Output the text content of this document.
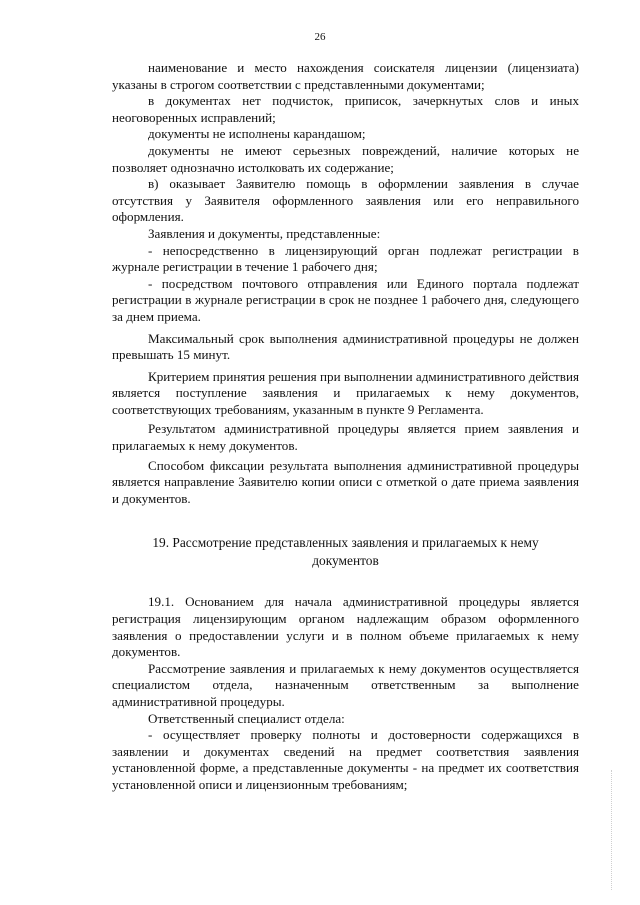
26

наименование и место нахождения соискателя лицензии (лицензиата) указаны в строгом соответствии с представленными документами;

в документах нет подчисток, приписок, зачеркнутых слов и иных неоговоренных исправлений;

документы не исполнены карандашом;

документы не имеют серьезных повреждений, наличие которых не позволяет однозначно истолковать их содержание;

в) оказывает Заявителю помощь в оформлении заявления в случае отсутствия у Заявителя оформленного заявления или его неправильного оформления.

Заявления и документы, представленные:

- непосредственно в лицензирующий орган подлежат регистрации в журнале регистрации в течение 1 рабочего дня;

- посредством почтового отправления или Единого портала подлежат регистрации в журнале регистрации в срок не позднее 1 рабочего дня, следующего за днем приема.

Максимальный срок выполнения административной процедуры не должен превышать 15 минут.

Критерием принятия решения при выполнении административного действия является поступление заявления и прилагаемых к нему документов, соответствующих требованиям, указанным в пункте 9 Регламента.

Результатом административной процедуры является прием заявления и прилагаемых к нему документов.

Способом фиксации результата выполнения административной процедуры является направление Заявителю копии описи с отметкой о дате приема заявления и документов.

19. Рассмотрение представленных заявления и прилагаемых к нему
документов

19.1. Основанием для начала административной процедуры является регистрация лицензирующим органом надлежащим образом оформленного заявления о предоставлении услуги и в полном объеме прилагаемых к нему документов.

Рассмотрение заявления и прилагаемых к нему документов осуществляется специалистом отдела, назначенным ответственным за выполнение административной процедуры.

Ответственный специалист отдела:

- осуществляет проверку полноты и достоверности содержащихся в заявлении и документах сведений на предмет соответствия заявления установленной форме, а представленные документы - на предмет их соответствия установленной описи и лицензионным требованиям;
